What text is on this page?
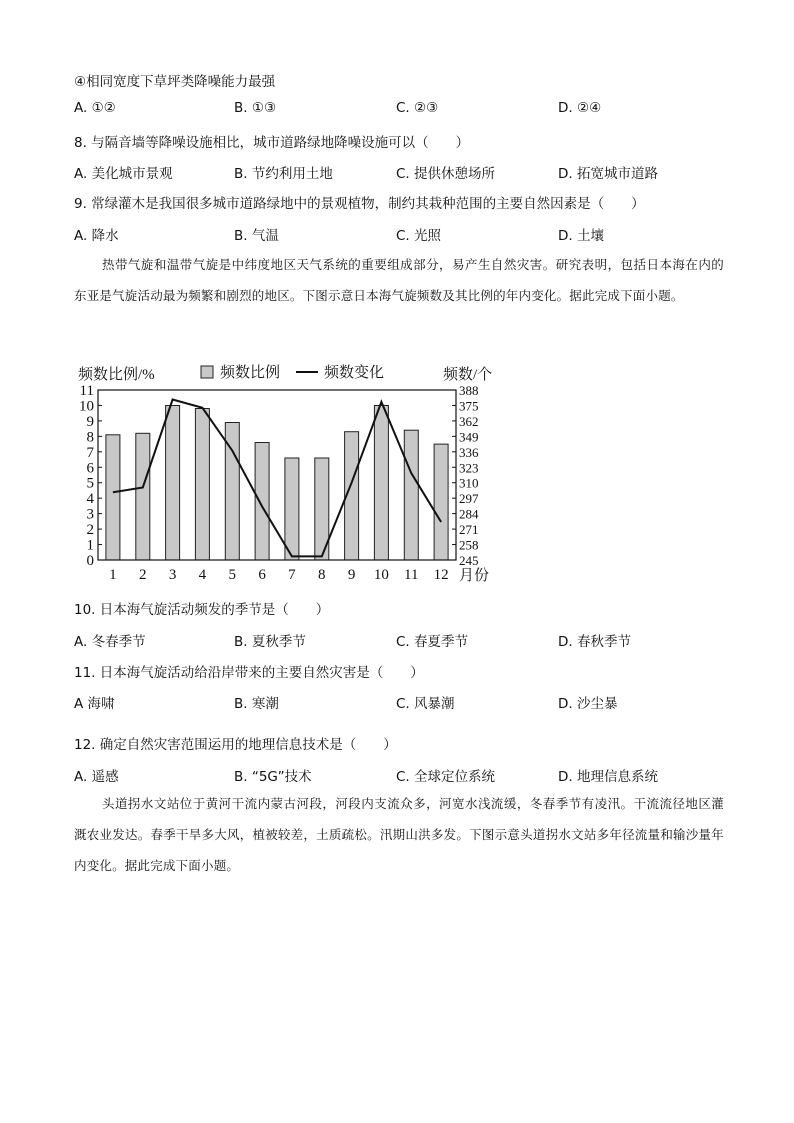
④相同宽度下草坪类降噪能力最强
A. ①②	B. ①③	C. ②③	D. ②④
8. 与隔音墙等降噪设施相比，城市道路绿地降噪设施可以（　　）
A. 美化城市景观	B. 节约利用土地	C. 提供休憩场所	D. 拓宽城市道路
9. 常绿灌木是我国很多城市道路绿地中的景观植物，制约其栽种范围的主要自然因素是（　　）
A. 降水	B. 气温	C. 光照	D. 土壤
热带气旋和温带气旋是中纬度地区天气系统的重要组成部分，易产生自然灾害。研究表明，包括日本海在内的东亚是气旋活动最为频繁和剧烈的地区。下图示意日本海气旋频数及其比例的年内变化。据此完成下面小题。
频数比例	频数变化
频数比例/%	频数/个
0
1
2
3
4
5
6
7
8
9
10
11
245
258
271
284
297
310
323
336
349
362
375
388
1 2 3 4 5 6 7 8 9 10 11 12 月份
10. 日本海气旋活动频发的季节是（　　）
A. 冬春季节	B. 夏秋季节	C. 春夏季节	D. 春秋季节
11. 日本海气旋活动给沿岸带来的主要自然灾害是（　　）
A 海啸	B. 寒潮	C. 风暴潮	D. 沙尘暴
12. 确定自然灾害范围运用的地理信息技术是（　　）
A. 遥感	B. “5G”技术	C. 全球定位系统	D. 地理信息系统
头道拐水文站位于黄河干流内蒙古河段，河段内支流众多，河宽水浅流缓，冬春季节有凌汛。干流流径地区灌溉农业发达。春季干旱多大风，植被较差，土质疏松。汛期山洪多发。下图示意头道拐水文站多年径流量和输沙量年内变化。据此完成下面小题。
